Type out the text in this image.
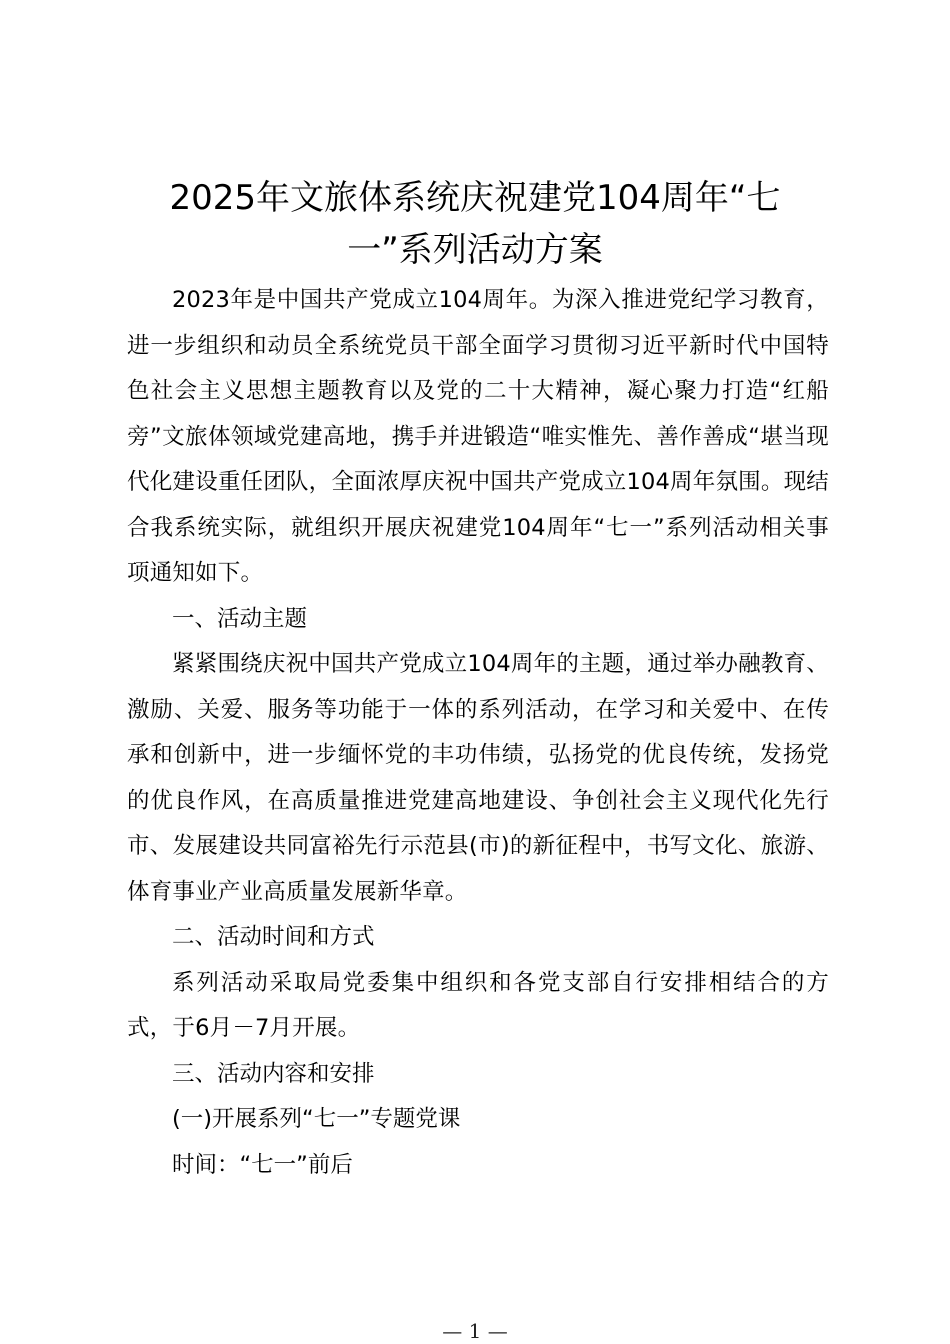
2025年文旅体系统庆祝建党104周年“七
一”系列活动方案

2023年是中国共产党成立104周年。为深入推进党纪学习教育，进一步组织和动员全系统党员干部全面学习贯彻习近平新时代中国特色社会主义思想主题教育以及党的二十大精神，凝心聚力打造“红船旁”文旅体领域党建高地，携手并进锻造“唯实惟先、善作善成“堪当现代化建设重任团队，全面浓厚庆祝中国共产党成立104周年氛围。现结合我系统实际，就组织开展庆祝建党104周年“七一”系列活动相关事项通知如下。

一、活动主题

紧紧围绕庆祝中国共产党成立104周年的主题，通过举办融教育、激励、关爱、服务等功能于一体的系列活动，在学习和关爱中、在传承和创新中，进一步缅怀党的丰功伟绩，弘扬党的优良传统，发扬党的优良作风，在高质量推进党建高地建设、争创社会主义现代化先行市、发展建设共同富裕先行示范县(市)的新征程中，书写文化、旅游、体育事业产业高质量发展新华章。

二、活动时间和方式

系列活动采取局党委集中组织和各党支部自行安排相结合的方式，于6月－7月开展。

三、活动内容和安排

(一)开展系列“七一”专题党课

时间：“七一”前后

— 1 —
